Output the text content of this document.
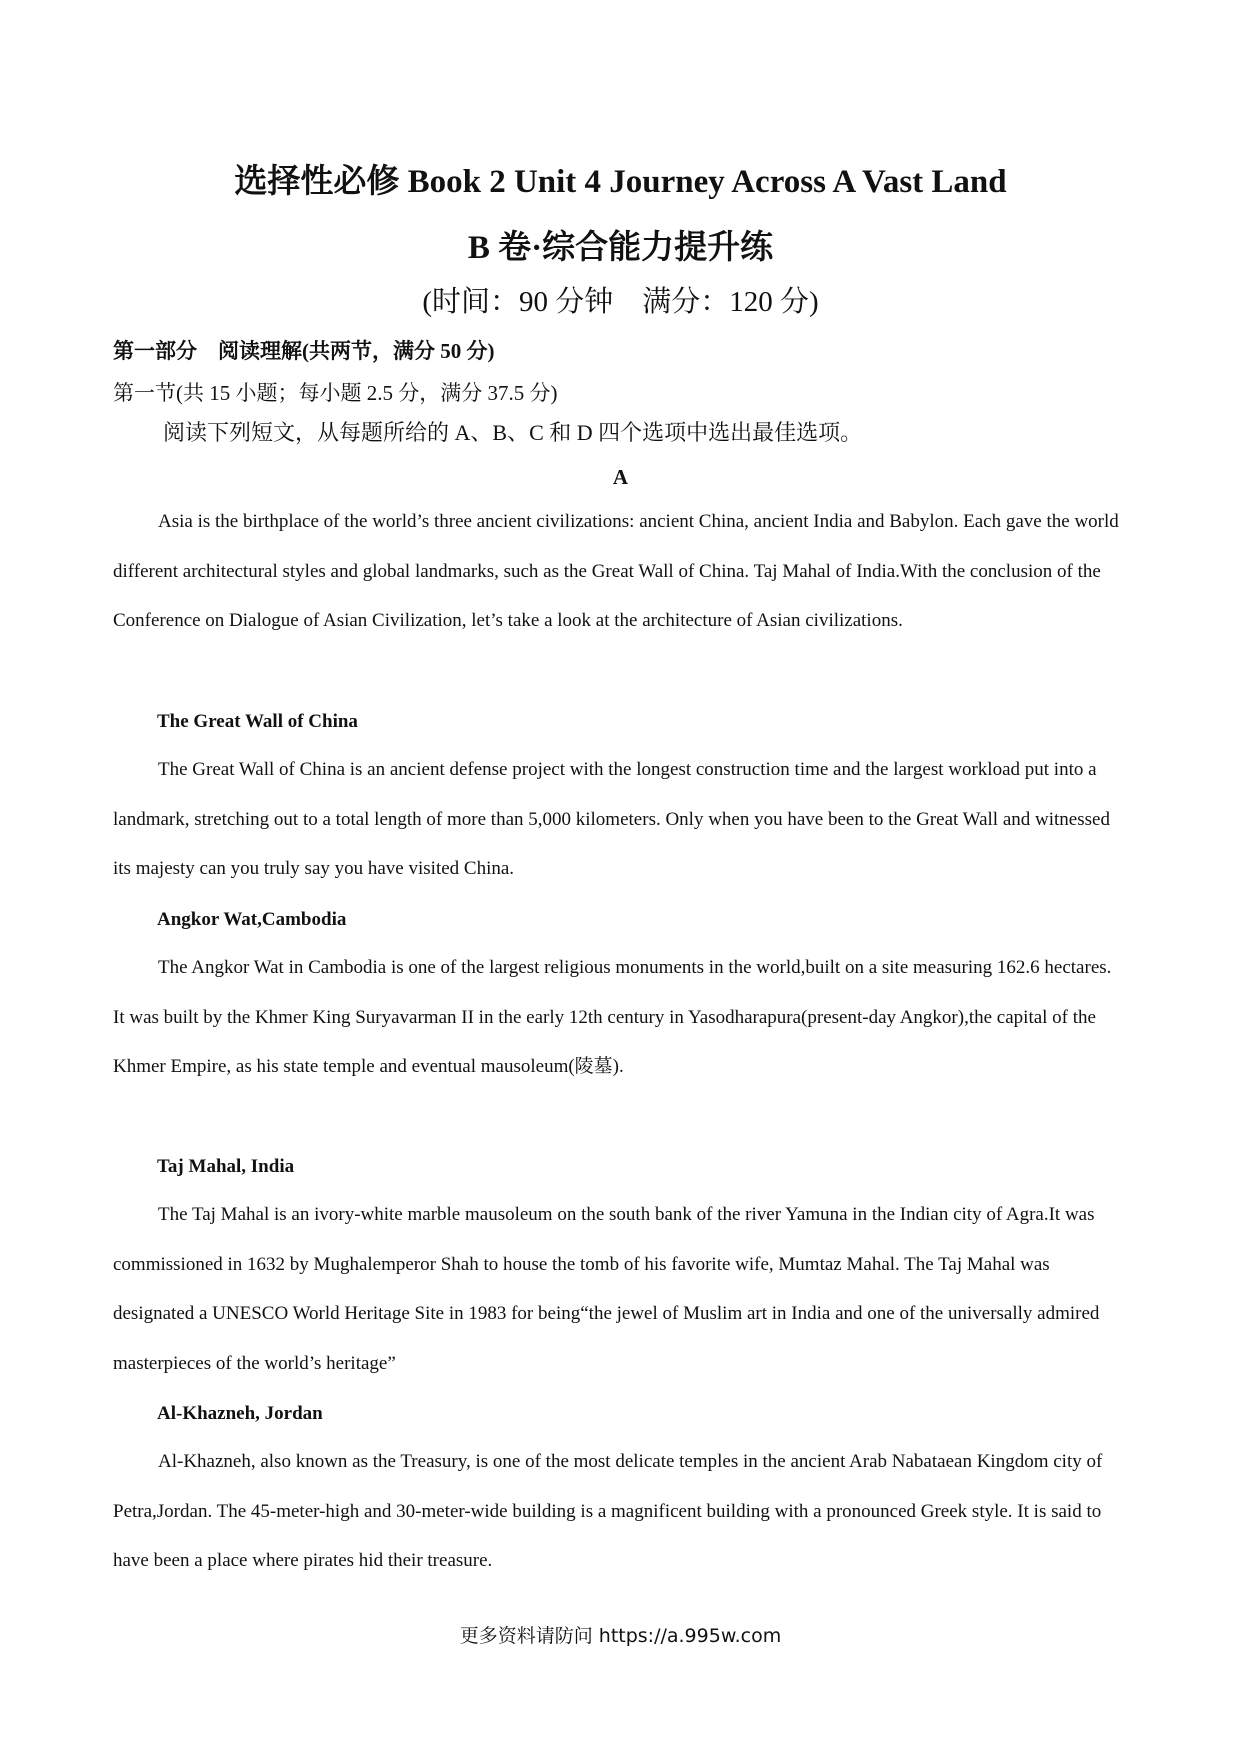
选择性必修 Book 2 Unit 4 Journey Across A Vast Land
B 卷·综合能力提升练
(时间：90 分钟　满分：120 分)
第一部分　阅读理解(共两节，满分 50 分)
第一节(共 15 小题；每小题 2.5 分，满分 37.5 分)
阅读下列短文，从每题所给的 A、B、C 和 D 四个选项中选出最佳选项。
A
Asia is the birthplace of the world’s three ancient civilizations: ancient China, ancient India and Babylon. Each gave the world different architectural styles and global landmarks, such as the Great Wall of China. Taj Mahal of India.With the conclusion of the Conference on Dialogue of Asian Civilization, let’s take a look at the architecture of Asian civilizations.
The Great Wall of China
The Great Wall of China is an ancient defense project with the longest construction time and the largest workload put into a landmark, stretching out to a total length of more than 5,000 kilometers. Only when you have been to the Great Wall and witnessed its majesty can you truly say you have visited China.
Angkor Wat,Cambodia
The Angkor Wat in Cambodia is one of the largest religious monuments in the world,built on a site measuring 162.6 hectares. It was built by the Khmer King Suryavarman II in the early 12th century in Yasodharapura(present-day Angkor),the capital of the Khmer Empire, as his state temple and eventual mausoleum(陵墓).
Taj Mahal, India
The Taj Mahal is an ivory-white marble mausoleum on the south bank of the river Yamuna in the Indian city of Agra.It was commissioned in 1632 by Mughalemperor Shah to house the tomb of his favorite wife, Mumtaz Mahal. The Taj Mahal was designated a UNESCO World Heritage Site in 1983 for being“the jewel of Muslim art in India and one of the universally admired masterpieces of the world’s heritage”
Al-Khazneh, Jordan
Al-Khazneh, also known as the Treasury, is one of the most delicate temples in the ancient Arab Nabataean Kingdom city of Petra,Jordan. The 45-meter-high and 30-meter-wide building is a magnificent building with a pronounced Greek style. It is said to have been a place where pirates hid their treasure.
更多资料请防问 https://a.995w.com
